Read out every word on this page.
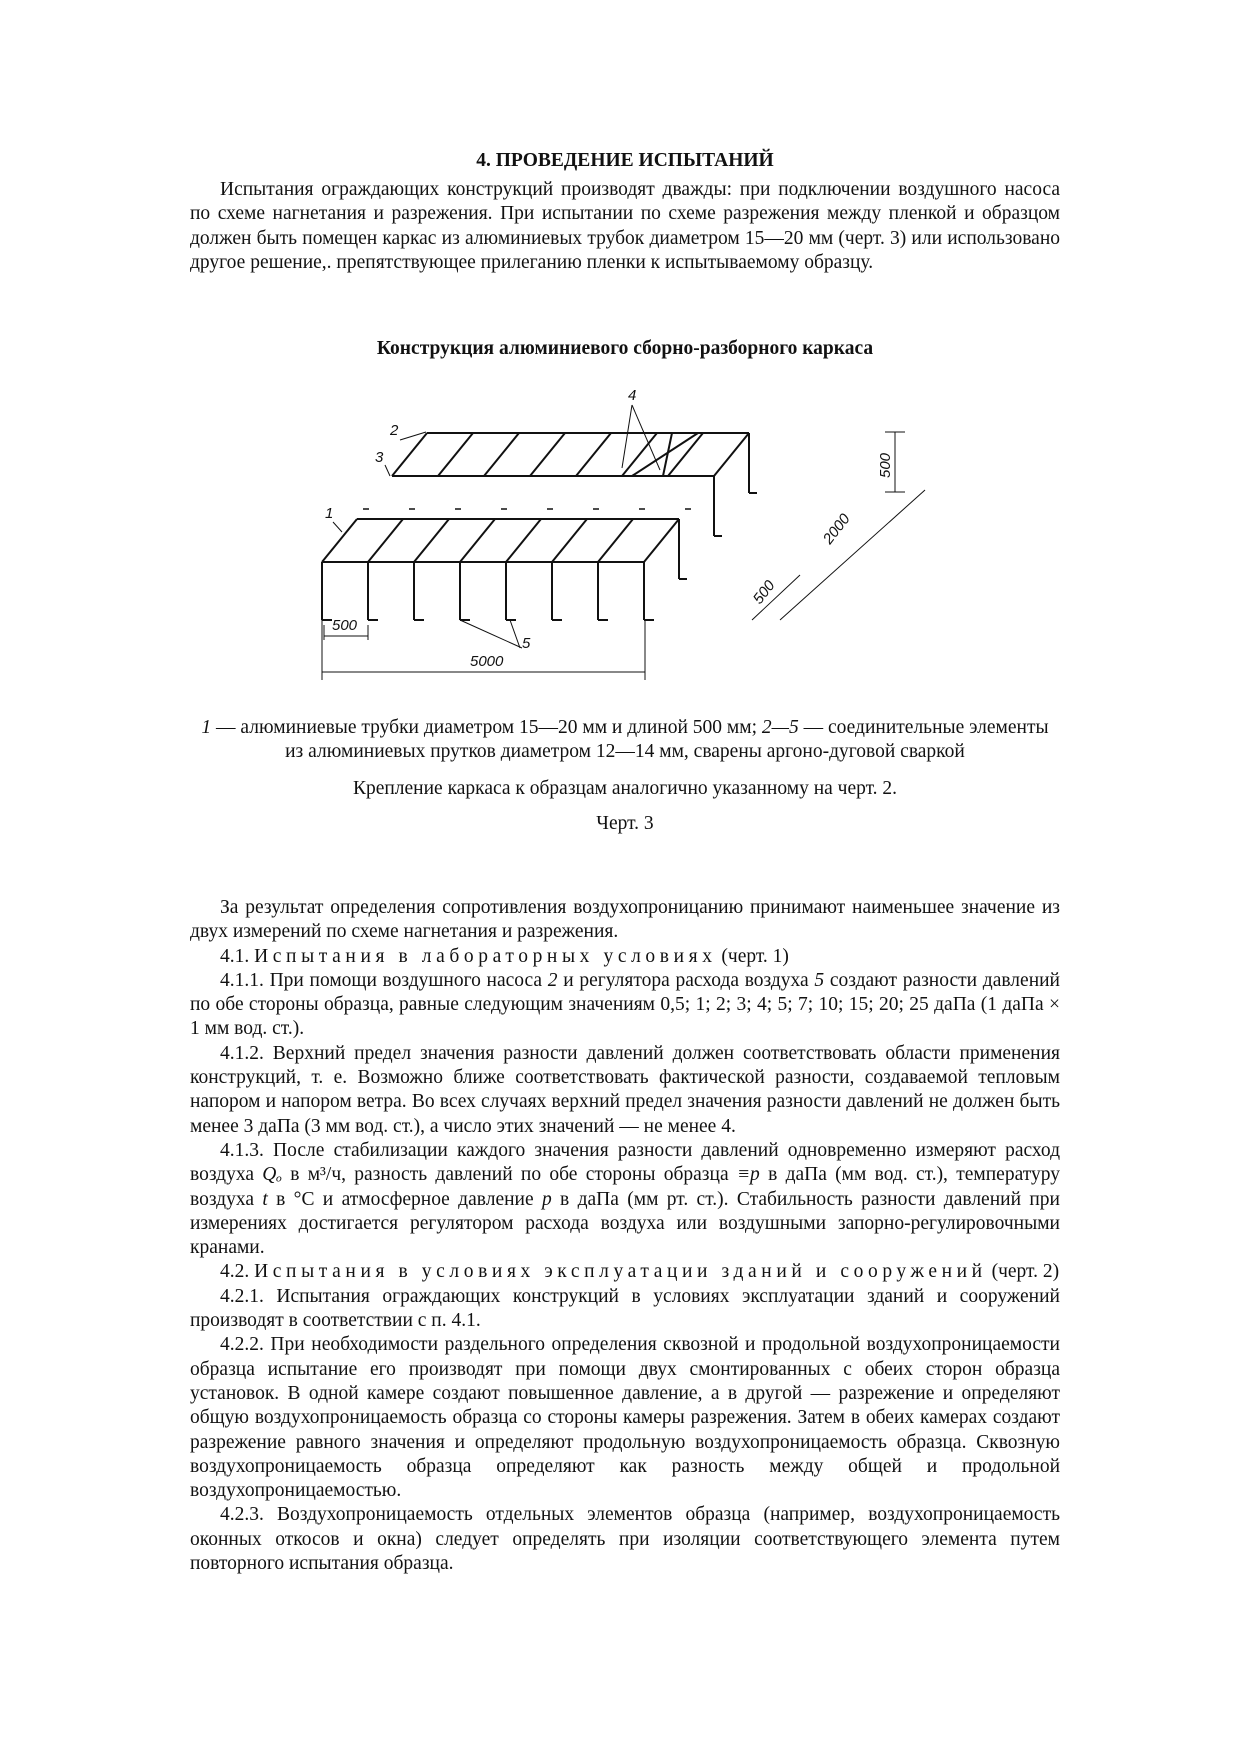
4. ПРОВЕДЕНИЕ ИСПЫТАНИЙ

Испытания ограждающих конструкций производят дважды: при подключении воздушного насоса по схеме нагнетания и разрежения. При испытании по схеме разрежения между пленкой и образцом должен быть помещен каркас из алюминиевых трубок диаметром 15—20 мм (черт. 3) или использовано другое решение,. препятствующее прилеганию пленки к испытываемому образцу.

Конструкция алюминиевого сборно-разборного каркаса

1
2
3
4
5
500
5000
2000
500
500

1 — алюминиевые трубки диаметром 15—20 мм и длиной 500 мм; 2—5 — соединительные элементы из алюминиевых прутков диаметром 12—14 мм, сварены аргоно-дуговой сваркой

Крепление каркаса к образцам аналогично указанному на черт. 2.

Черт. 3

За результат определения сопротивления воздухопроницанию принимают наименьшее значение из двух измерений по схеме нагнетания и разрежения.

4.1. Испытания в лабораторных условиях (черт. 1)

4.1.1. При помощи воздушного насоса 2 и регулятора расхода воздуха 5 создают разности давлений по обе стороны образца, равные следующим значениям 0,5; 1; 2; 3; 4; 5; 7; 10; 15; 20; 25 даПа (1 даПа × 1 мм вод. ст.).

4.1.2. Верхний предел значения разности давлений должен соответствовать области применения конструкций, т. е. Возможно ближе соответствовать фактической разности, создаваемой тепловым напором и напором ветра. Во всех случаях верхний предел значения разности давлений не должен быть менее 3 даПа (3 мм вод. ст.), а число этих значений — не менее 4.

4.1.3. После стабилизации каждого значения разности давлений одновременно измеряют расход воздуха Qₒ в м³/ч, разность давлений по обе стороны образца ≡p в даПа (мм вод. ст.), температуру воздуха t в °С и атмосферное давление p в даПа (мм рт. ст.). Стабильность разности давлений при измерениях достигается регулятором расхода воздуха или воздушными запорно-регулировочными кранами.

4.2. Испытания в условиях эксплуатации зданий и сооружений (черт. 2)

4.2.1. Испытания ограждающих конструкций в условиях эксплуатации зданий и сооружений производят в соответствии с п. 4.1.

4.2.2. При необходимости раздельного определения сквозной и продольной воздухопроницаемости образца испытание его производят при помощи двух смонтированных с обеих сторон образца установок. В одной камере создают повышенное давление, а в другой — разрежение и определяют общую воздухопроницаемость образца со стороны камеры разрежения. Затем в обеих камерах создают разрежение равного значения и определяют продольную воздухопроницаемость образца. Сквозную воздухопроницаемость образца определяют как разность между общей и продольной воздухопроницаемостью.

4.2.3. Воздухопроницаемость отдельных элементов образца (например, воздухопроницаемость оконных откосов и окна) следует определять при изоляции соответствующего элемента путем повторного испытания образца.
